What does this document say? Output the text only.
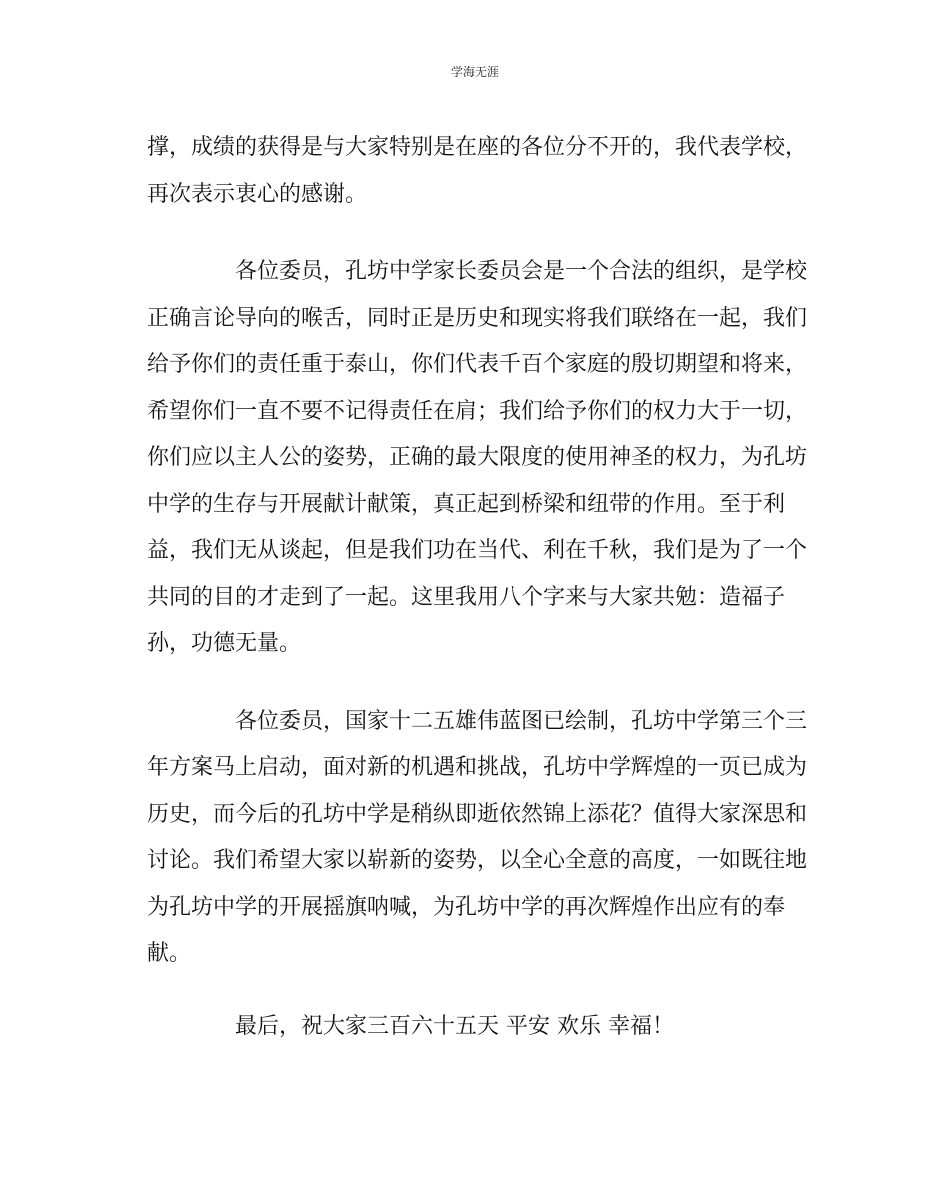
学海无涯
撑，成绩的获得是与大家特别是在座的各位分不开的，我代表学校，
再次表示衷心的感谢。
各位委员，孔坊中学家长委员会是一个合法的组织，是学校
正确言论导向的喉舌，同时正是历史和现实将我们联络在一起，我们
给予你们的责任重于泰山，你们代表千百个家庭的殷切期望和将来，
希望你们一直不要不记得责任在肩；我们给予你们的权力大于一切，
你们应以主人公的姿势，正确的最大限度的使用神圣的权力，为孔坊
中学的生存与开展献计献策，真正起到桥梁和纽带的作用。至于利
益，我们无从谈起，但是我们功在当代、利在千秋，我们是为了一个
共同的目的才走到了一起。这里我用八个字来与大家共勉：造福子
孙，功德无量。
各位委员，国家十二五雄伟蓝图已绘制，孔坊中学第三个三
年方案马上启动，面对新的机遇和挑战，孔坊中学辉煌的一页已成为
历史，而今后的孔坊中学是稍纵即逝依然锦上添花？值得大家深思和
讨论。我们希望大家以崭新的姿势，以全心全意的高度，一如既往地
为孔坊中学的开展摇旗呐喊，为孔坊中学的再次辉煌作出应有的奉
献。
最后，祝大家三百六十五天 平安 欢乐 幸福！
